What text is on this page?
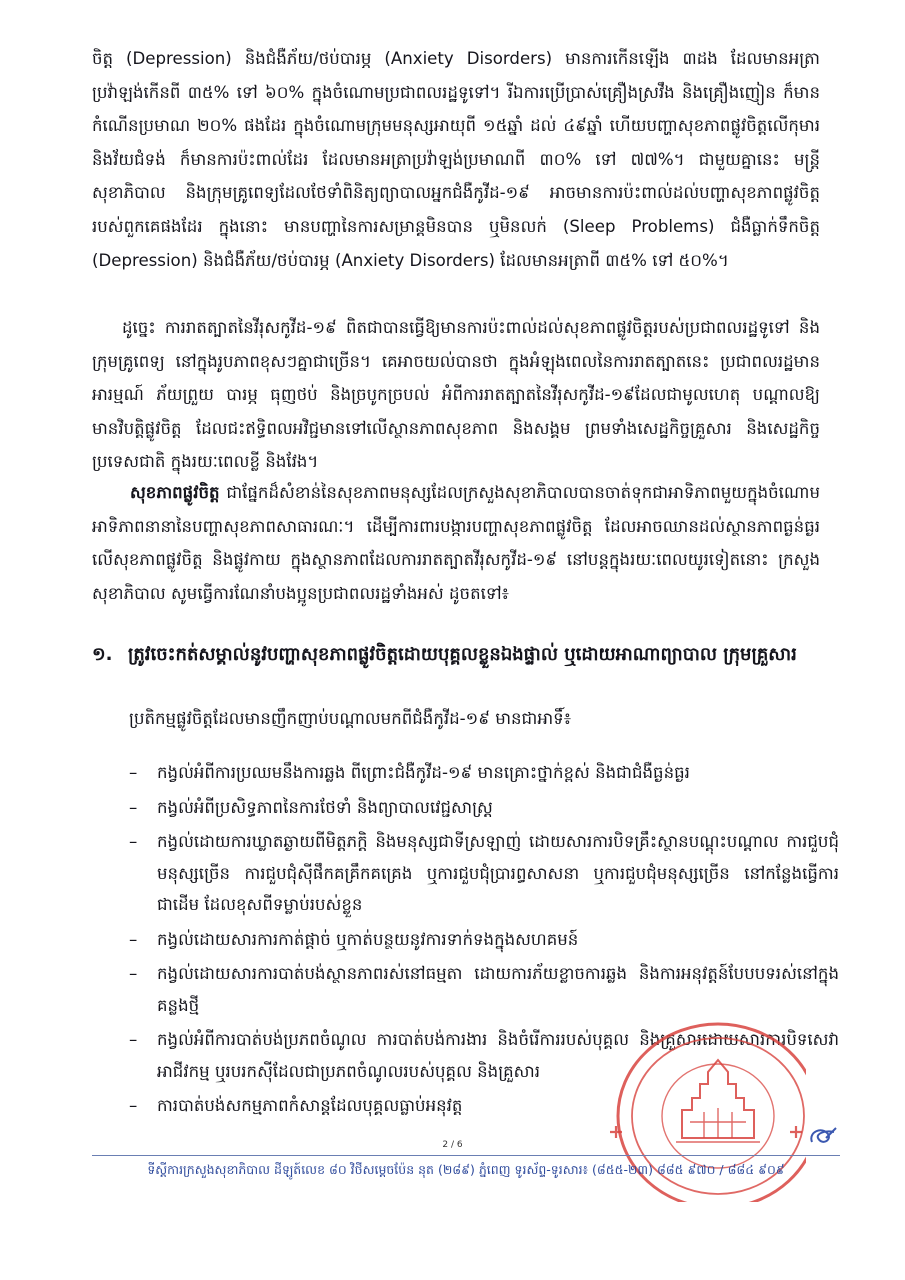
ចិត្ត (Depression) និងជំងឺភ័យ/ថប់បារម្ភ (Anxiety Disorders) មានការកើនឡើង ៣ដង ដែលមានអត្រាប្រវ៉ាឡង់កើនពី ៣៥% ទៅ ៦០% ក្នុងចំណោមប្រជាពលរដ្ឋទូទៅ។ រីឯការប្រើប្រាស់គ្រឿងស្រវឹង និងគ្រឿងញៀន ក៏មានកំណើនប្រមាណ ២០% ផងដែរ ក្នុងចំណោមក្រុមមនុស្សអាយុពី ១៥ឆ្នាំ ដល់ ៤៩ឆ្នាំ ហើយបញ្ហាសុខភាពផ្លូវចិត្តលើកុមារ និងវ័យជំទង់ ក៏មានការប៉ះពាល់ដែរ ដែលមានអត្រាប្រវ៉ាឡង់ប្រមាណពី ៣០% ទៅ ៧៧%។ ជាមួយគ្នានេះ មន្ត្រីសុខាភិបាល និងក្រុមគ្រូពេទ្យដែលថែទាំពិនិត្យព្យាបាលអ្នកជំងឺកូវីដ-១៩ អាចមានការប៉ះពាល់ដល់បញ្ហាសុខភាពផ្លូវចិត្តរបស់ពួកគេផងដែរ ក្នុងនោះ មានបញ្ហានៃការសម្រាន្តមិនបាន ឬមិនលក់ (Sleep Problems) ជំងឺធ្លាក់ទឹកចិត្ត (Depression) និងជំងឺភ័យ/ថប់បារម្ភ (Anxiety Disorders) ដែលមានអត្រាពី ៣៥% ទៅ ៥០%។

ដូច្នេះ ការរាតត្បាតនៃវីរុសកូវីដ-១៩ ពិតជាបានធ្វើឱ្យមានការប៉ះពាល់ដល់សុខភាពផ្លូវចិត្តរបស់ប្រជាពលរដ្ឋទូទៅ និងក្រុមគ្រូពេទ្យ នៅក្នុងរូបភាពខុសៗគ្នាជាច្រើន។ គេអាចយល់បានថា ក្នុងអំឡុងពេលនៃការរាតត្បាតនេះ ប្រជាពលរដ្ឋមានអារម្មណ៍ ភ័យព្រួយ បារម្ភ ធុញថប់ និងច្របូកច្របល់ អំពីការរាតត្បាតនៃវីរុសកូវីដ-១៩ដែលជាមូលហេតុ បណ្ដាលឱ្យមានវិបត្តិផ្លូវចិត្ត ដែលជះឥទ្ធិពលអវិជ្ជមានទៅលើស្ថានភាពសុខភាព និងសង្គម ព្រមទាំងសេដ្ឋកិច្ចគ្រួសារ និងសេដ្ឋកិច្ចប្រទេសជាតិ ក្នុងរយៈពេលខ្លី និងវែង។

សុខភាពផ្លូវចិត្ត ជាផ្នែកដ៏សំខាន់នៃសុខភាពមនុស្សដែលក្រសួងសុខាភិបាលបានចាត់ទុកជាអាទិភាពមួយក្នុងចំណោមអាទិភាពនានានៃបញ្ហាសុខភាពសាធារណៈ។ ដើម្បីការពារបង្ការបញ្ហាសុខភាពផ្លូវចិត្ត ដែលអាចឈានដល់ស្ថានភាពធ្ងន់ធ្ងរ លើសុខភាពផ្លូវចិត្ត និងផ្លូវកាយ ក្នុងស្ថានភាពដែលការរាតត្បាតវីរុសកូវីដ-១៩ នៅបន្តក្នុងរយៈពេលយូរទៀតនោះ ក្រសួងសុខាភិបាល សូមធ្វើការណែនាំបងប្អូនប្រជាពលរដ្ឋទាំងអស់ ដូចតទៅ៖

១. ត្រូវចេះកត់សម្គាល់នូវបញ្ហាសុខភាពផ្លូវចិត្តដោយបុគ្គលខ្លួនឯងផ្ទាល់ ឬដោយអាណាព្យាបាល ក្រុមគ្រួសារ
ប្រតិកម្មផ្លូវចិត្តដែលមានញឹកញាប់បណ្ដាលមកពីជំងឺកូវីដ-១៩ មានជាអាទិ៍៖
– កង្វល់អំពីការប្រឈមនឹងការឆ្លង ពីព្រោះជំងឺកូវីដ-១៩ មានគ្រោះថ្នាក់ខ្ពស់ និងជាជំងឺធ្ងន់ធ្ងរ
– កង្វល់អំពីប្រសិទ្ធភាពនៃការថែទាំ និងព្យាបាលវេជ្ជសាស្ត្រ
– កង្វល់ដោយការឃ្លាតឆ្ងាយពីមិត្តភក្តិ និងមនុស្សជាទីស្រឡាញ់ ដោយសារការបិទគ្រឹះស្ថានបណ្ដុះបណ្ដាល ការជួបជុំមនុស្សច្រើន ការជួបជុំស៊ីផឹកគគ្រឹកគគ្រេង ឬការជួបជុំប្រារព្ធសាសនា ឬការជួបជុំមនុស្សច្រើន នៅកន្លែងធ្វើការ ជាដើម ដែលខុសពីទម្លាប់របស់ខ្លួន
– កង្វល់ដោយសារការកាត់ផ្ដាច់ ឬកាត់បន្ថយនូវការទាក់ទងក្នុងសហគមន៍
– កង្វល់ដោយសារការបាត់បង់ស្ថានភាពរស់នៅធម្មតា ដោយការភ័យខ្លាចការឆ្លង និងការអនុវត្តន៍បែបបទរស់នៅក្នុងគន្លងថ្មី
– កង្វល់អំពីការបាត់បង់ប្រភពចំណូល ការបាត់បង់ការងារ និងចំរើការរបស់បុគ្គល និងគ្រួសារដោយសារការបិទសេវាអាជីវកម្ម ឬរបរកស៊ីដែលជាប្រភពចំណូលរបស់បុគ្គល និងគ្រួសារ
– ការបាត់បង់សកម្មភាពកំសាន្តដែលបុគ្គលធ្លាប់អនុវត្ត
2 / 6
ទីស្តីការក្រសួងសុខាភិបាល ដីឡូត៍លេខ ៨០ វិថីសម្ដេចប៉ែន នុត (២៨៩) ភ្នំពេញ ទូរស័ព្ទ-ទូរសារ៖ (៨៥៥-២៣) ៨៨៥ ៩៧០ / ៨៨៤ ៩០៩
